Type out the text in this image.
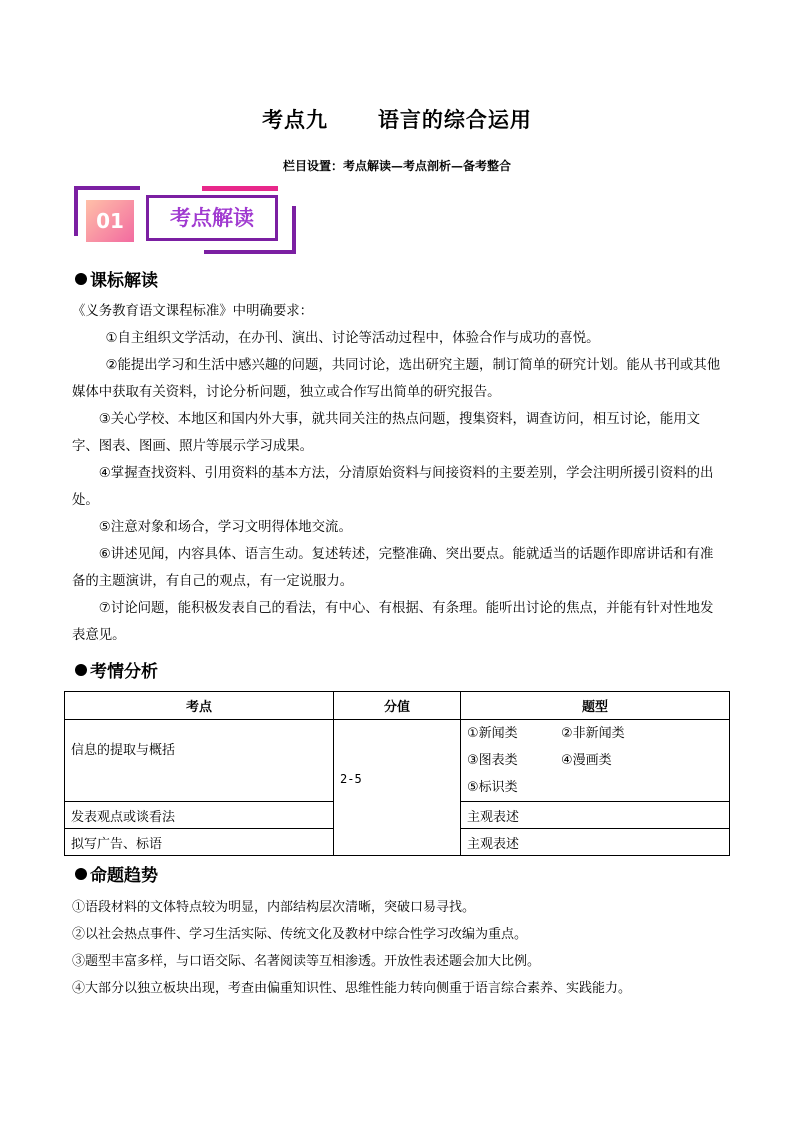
考点九      语言的综合运用
栏目设置：考点解读—考点剖析—备考整合
01	考点解读
课标解读
《义务教育语文课程标准》中明确要求：
①自主组织文学活动，在办刊、演出、讨论等活动过程中，体验合作与成功的喜悦。
②能提出学习和生活中感兴趣的问题，共同讨论，选出研究主题，制订简单的研究计划。能从书刊或其他媒体中获取有关资料，讨论分析问题，独立或合作写出简单的研究报告。
③关心学校、本地区和国内外大事，就共同关注的热点问题，搜集资料，调查访问，相互讨论，能用文字、图表、图画、照片等展示学习成果。
④掌握查找资料、引用资料的基本方法，分清原始资料与间接资料的主要差别，学会注明所援引资料的出处。
⑤注意对象和场合，学习文明得体地交流。
⑥讲述见闻，内容具体、语言生动。复述转述，完整准确、突出要点。能就适当的话题作即席讲话和有准备的主题演讲，有自己的观点，有一定说服力。
⑦讨论问题，能积极发表自己的看法，有中心、有根据、有条理。能听出讨论的焦点，并能有针对性地发表意见。
考情分析
考点	分值	题型

信息的提取与概括	2-5	①新闻类 ②非新闻类
③图表类 ④漫画类
⑤标识类

发表观点或谈看法		主观表述
拟写广告、标语		主观表述
命题趋势
①语段材料的文体特点较为明显，内部结构层次清晰，突破口易寻找。
②以社会热点事件、学习生活实际、传统文化及教材中综合性学习改编为重点。
③题型丰富多样，与口语交际、名著阅读等互相渗透。开放性表述题会加大比例。
④大部分以独立板块出现，考查由偏重知识性、思维性能力转向侧重于语言综合素养、实践能力。
